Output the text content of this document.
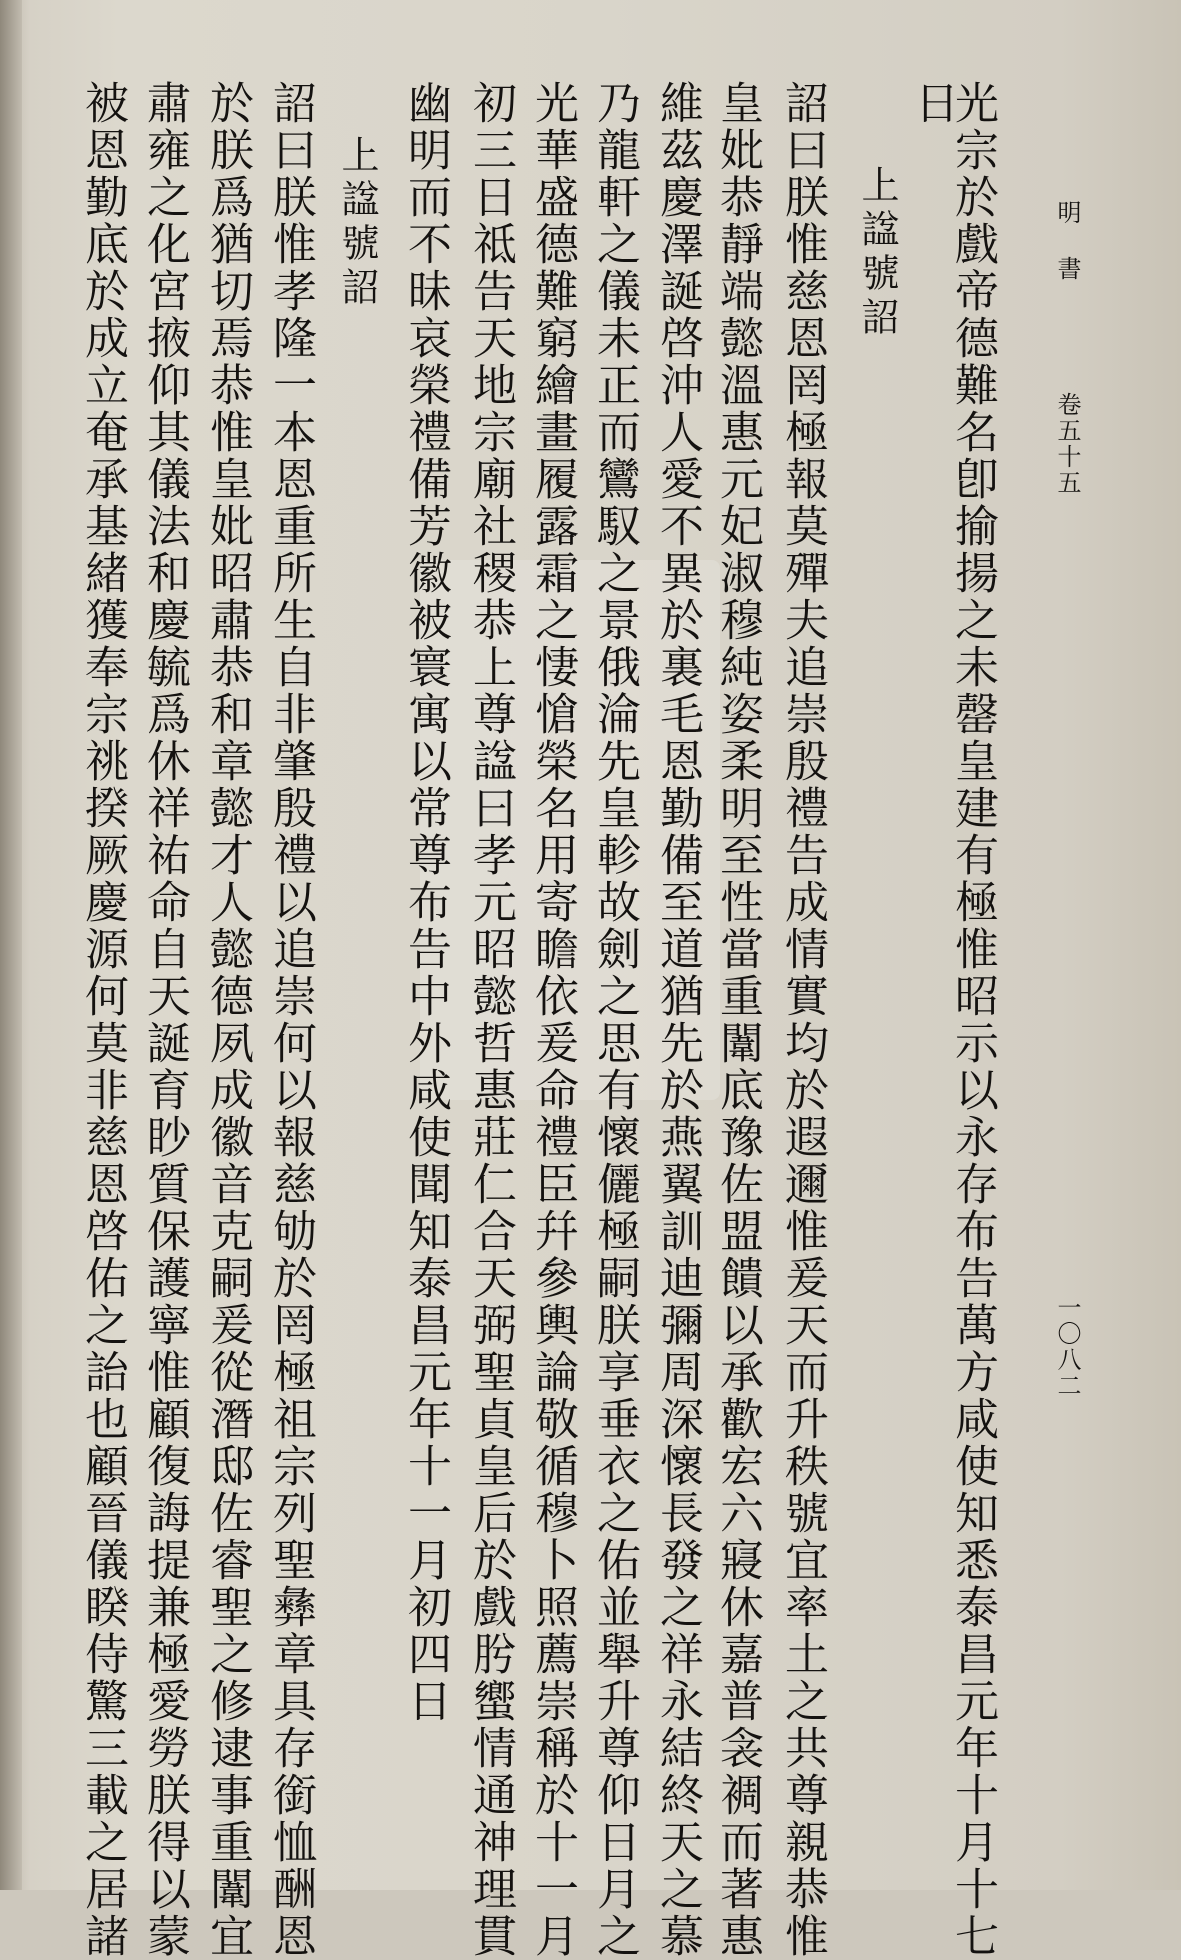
明 書
卷五十五
一〇八二
光宗於戲帝德難名卽揄揚之未罄皇建有極惟昭示以永存布告萬方咸使知悉泰昌元年十月十七
日
上諡號詔
詔曰朕惟慈恩罔極報莫殫夫追崇殷禮告成情實均於遐邇惟爰天而升秩號宜率土之共尊親恭惟
皇妣恭靜端懿溫惠元妃淑穆純姿柔明至性當重闈底豫佐盟饋以承歡宏六寢休嘉普衾裯而著惠
維茲慶澤誕啓沖人愛不異於裏毛恩勤備至道猶先於燕翼訓迪彌周深懷長發之祥永結終天之慕
乃龍軒之儀未正而鸞馭之景俄淪先皇軫故劍之思有懷儷極嗣朕享垂衣之佑並舉升尊仰日月之
光華盛德難窮繪畫履露霜之悽愴榮名用寄瞻依爰命禮臣幷參輿論敬循穆卜照薦崇稱於十一月
初三日祗告天地宗廟社稷恭上尊諡曰孝元昭懿哲惠莊仁合天弼聖貞皇后於戲肹蠁情通神理貫
幽明而不昧哀榮禮備芳徽被寰寓以常尊布告中外咸使聞知泰昌元年十一月初四日
上諡號詔
詔曰朕惟孝隆一本恩重所生自非肇殷禮以追崇何以報慈劬於罔極祖宗列聖彝章具存銜恤酬恩
於朕爲猶切焉恭惟皇妣昭肅恭和章懿才人懿德夙成徽音克嗣爰從潛邸佐睿聖之修逮事重闈宜
肅雍之化宮掖仰其儀法和慶毓爲休祥祐命自天誕育眇質保護寧惟顧復誨提兼極愛勞朕得以蒙
被恩勤底於成立奄承基緒獲奉宗祧揆厥慶源何莫非慈恩啓佑之詒也顧晉儀睽侍驚三載之居諸
